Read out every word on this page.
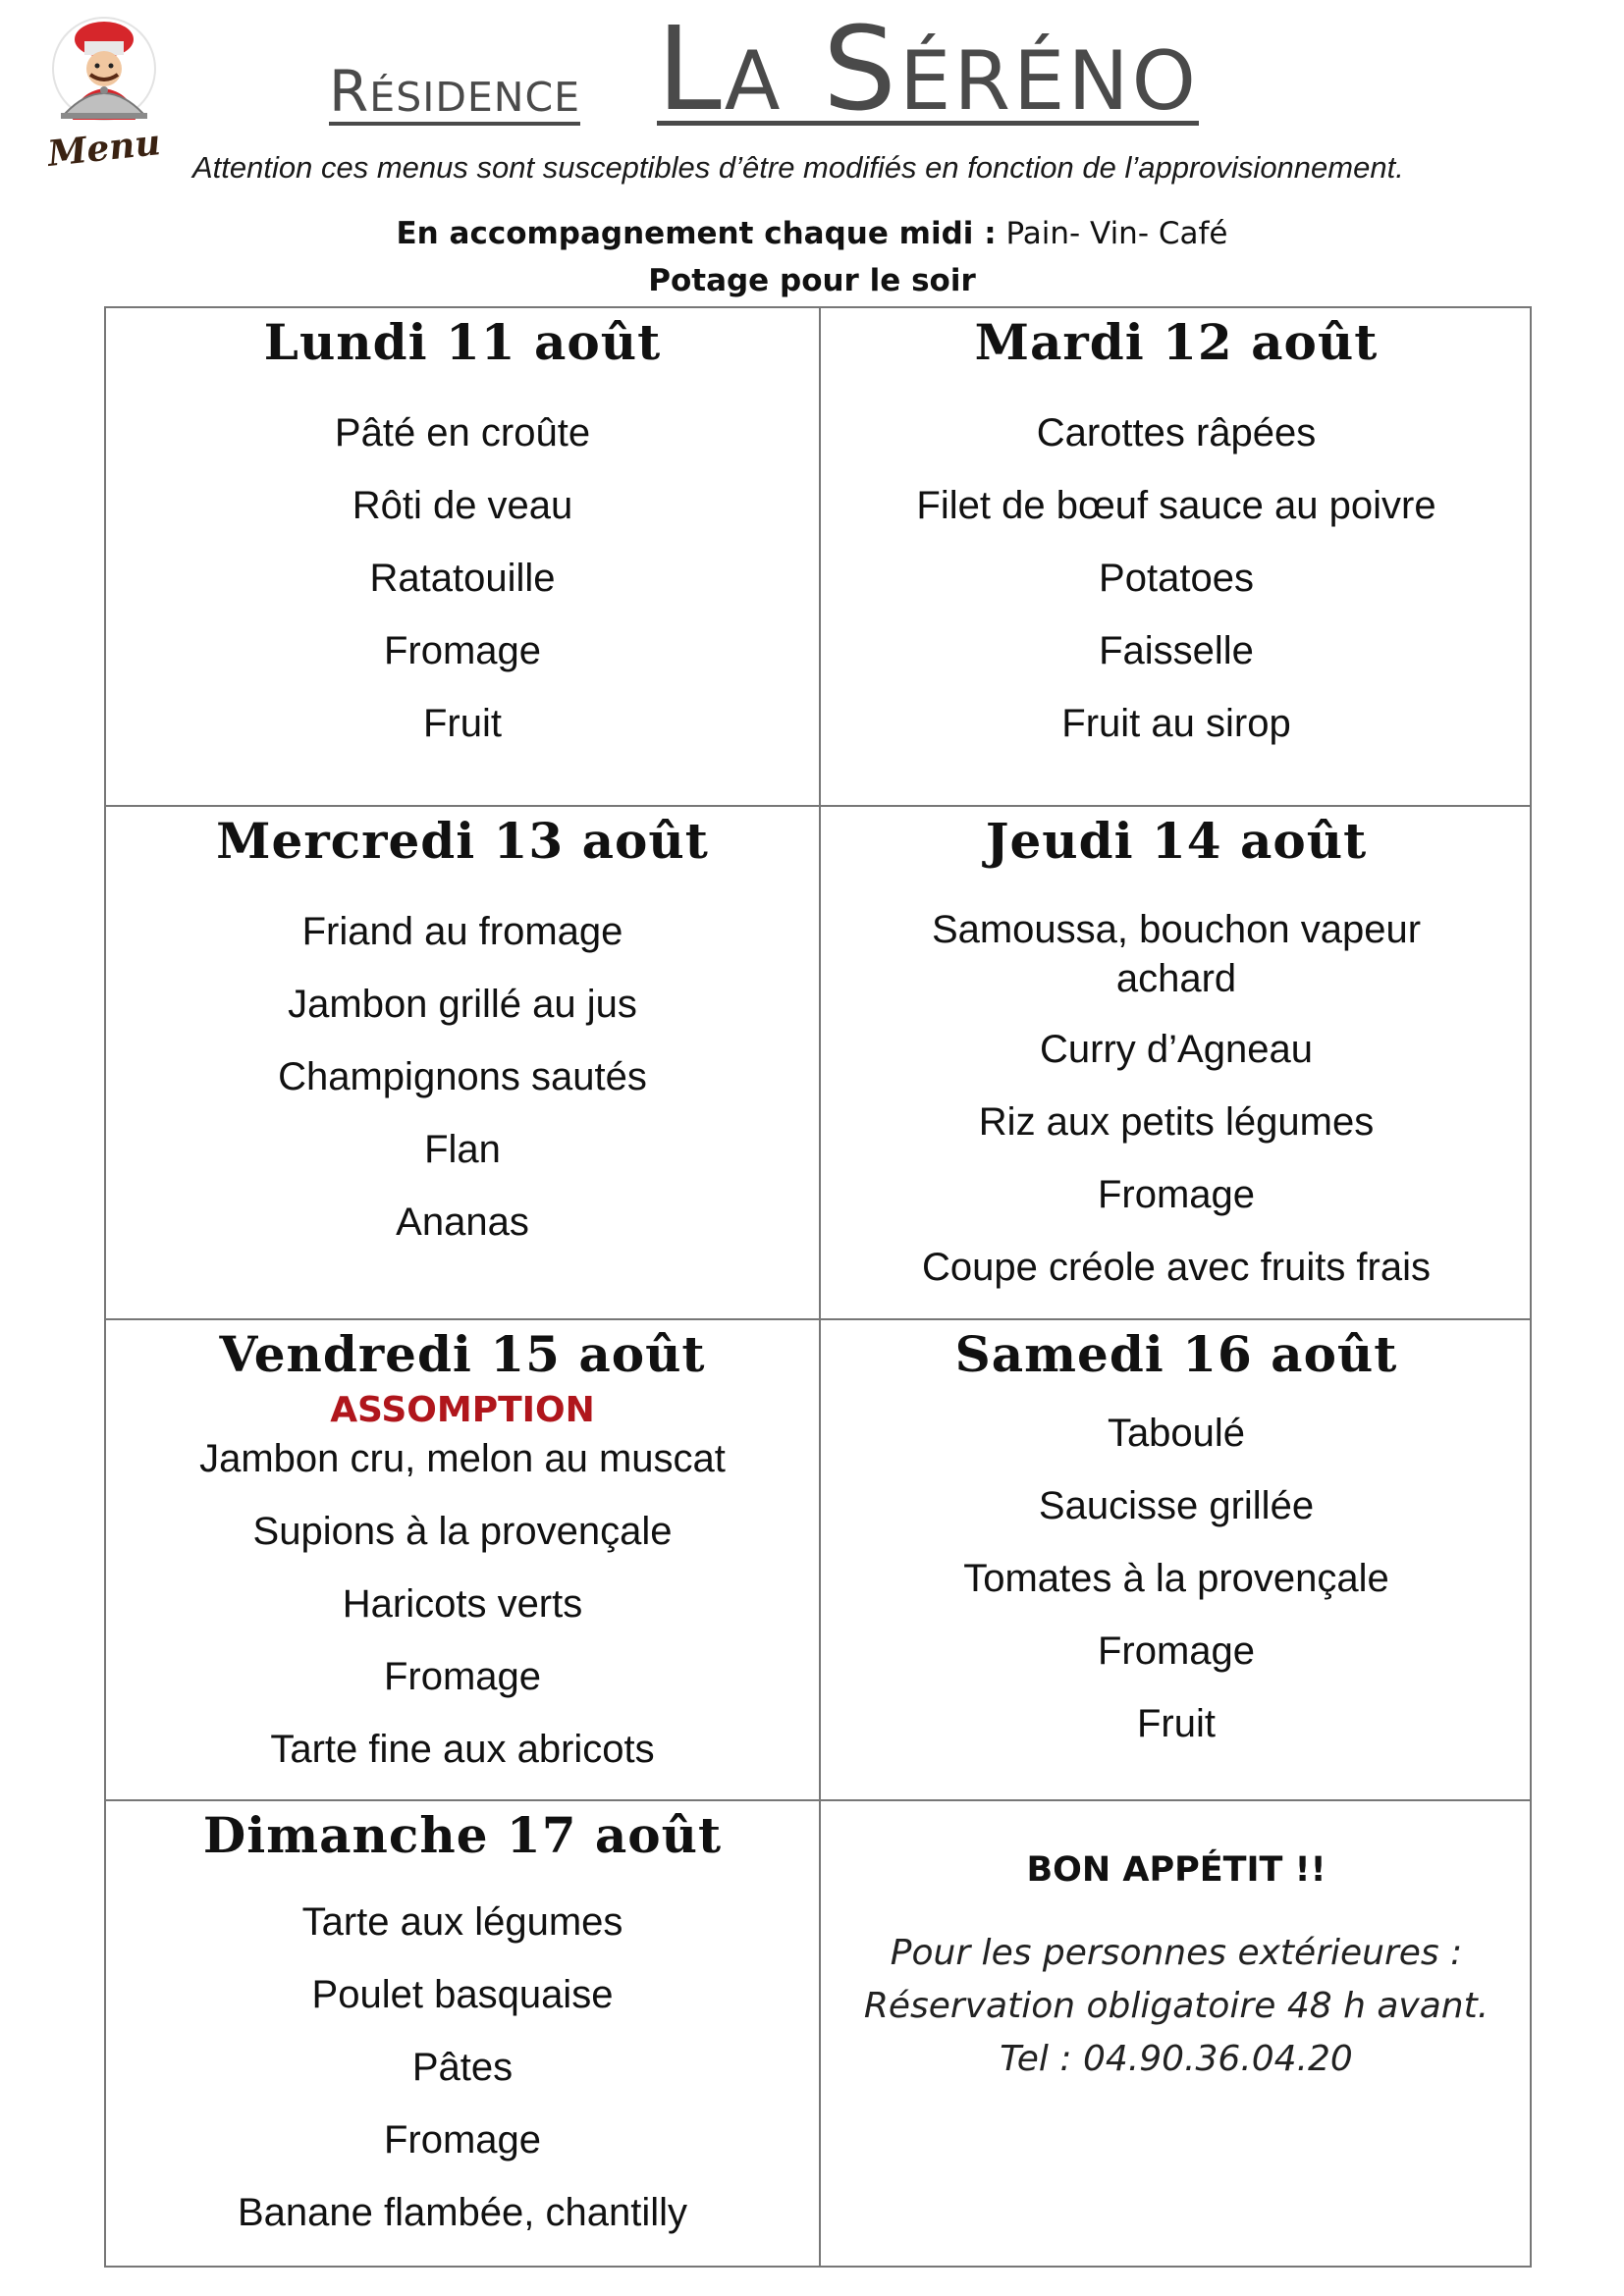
Menu
Résidence La Séréno
Attention ces menus sont susceptibles d’être modifiés en fonction de l’approvisionnement.
En accompagnement chaque midi : Pain- Vin- Café
Potage pour le soir
Lundi 11 août
Pâté en croûte
Rôti de veau
Ratatouille
Fromage
Fruit
Mardi 12 août
Carottes râpées
Filet de bœuf sauce au poivre
Potatoes
Faisselle
Fruit au sirop
Mercredi 13 août
Friand au fromage
Jambon grillé au jus
Champignons sautés
Flan
Ananas
Jeudi 14 août
Samoussa, bouchon vapeur
achard
Curry d’Agneau
Riz aux petits légumes
Fromage
Coupe créole avec fruits frais
Vendredi 15 août
ASSOMPTION
Jambon cru, melon au muscat
Supions à la provençale
Haricots verts
Fromage
Tarte fine aux abricots
Samedi 16 août
Taboulé
Saucisse grillée
Tomates à la provençale
Fromage
Fruit
Dimanche 17 août
Tarte aux légumes
Poulet basquaise
Pâtes
Fromage
Banane flambée, chantilly
BON APPÉTIT !!
Pour les personnes extérieures :
Réservation obligatoire 48 h avant.
Tel : 04.90.36.04.20
